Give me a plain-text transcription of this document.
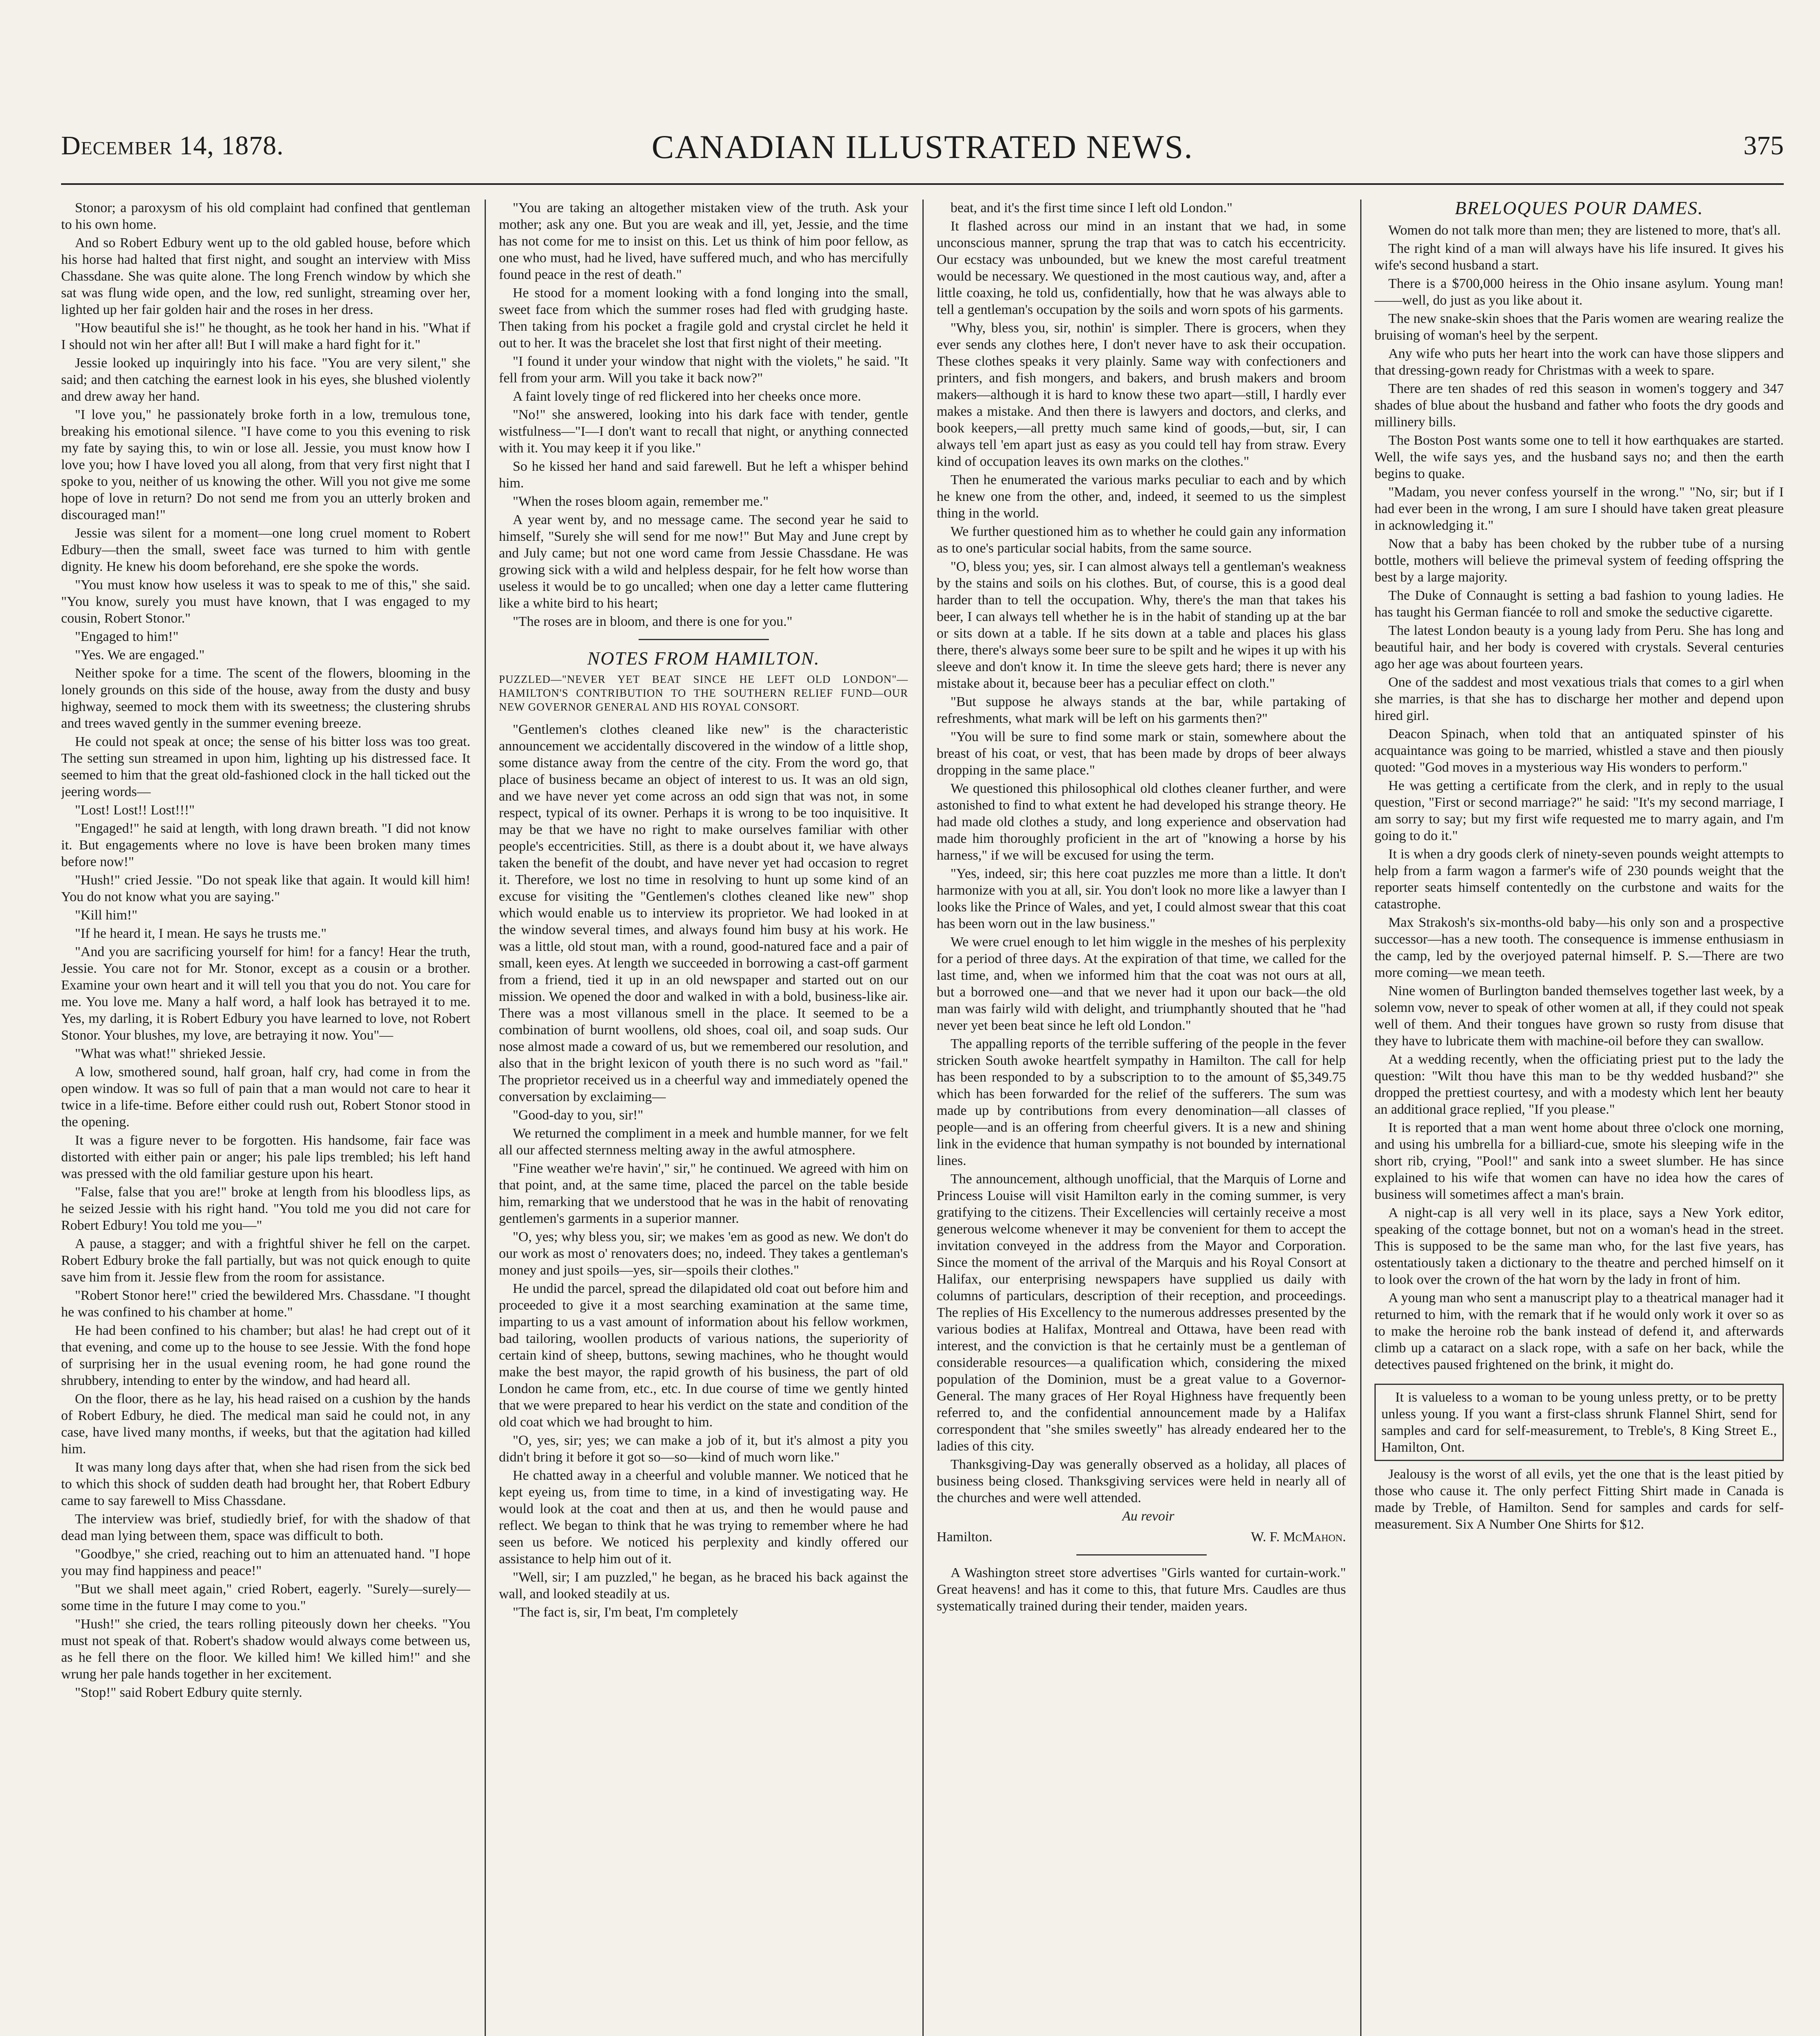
December 14, 1878.	CANADIAN ILLUSTRATED NEWS.	375

Stonor; a paroxysm of his old complaint had confined that gentleman to his own home.

And so Robert Edbury went up to the old gabled house, before which his horse had halted that first night, and sought an interview with Miss Chassdane. She was quite alone. The long French window by which she sat was flung wide open, and the low, red sunlight, streaming over her, lighted up her fair golden hair and the roses in her dress.

"How beautiful she is!" he thought, as he took her hand in his. "What if I should not win her after all! But I will make a hard fight for it."

Jessie looked up inquiringly into his face. "You are very silent," she said; and then catching the earnest look in his eyes, she blushed violently and drew away her hand.

"I love you," he passionately broke forth in a low, tremulous tone, breaking his emotional silence. "I have come to you this evening to risk my fate by saying this, to win or lose all. Jessie, you must know how I love you; how I have loved you all along, from that very first night that I spoke to you, neither of us knowing the other. Will you not give me some hope of love in return? Do not send me from you an utterly broken and discouraged man!"

Jessie was silent for a moment—one long cruel moment to Robert Edbury—then the small, sweet face was turned to him with gentle dignity. He knew his doom beforehand, ere she spoke the words.

"You must know how useless it was to speak to me of this," she said. "You know, surely you must have known, that I was engaged to my cousin, Robert Stonor."

"Engaged to him!"

"Yes. We are engaged."

Neither spoke for a time. The scent of the flowers, blooming in the lonely grounds on this side of the house, away from the dusty and busy highway, seemed to mock them with its sweetness; the clustering shrubs and trees waved gently in the summer evening breeze.

He could not speak at once; the sense of his bitter loss was too great. The setting sun streamed in upon him, lighting up his distressed face. It seemed to him that the great old-fashioned clock in the hall ticked out the jeering words—

"Lost! Lost!! Lost!!!"

"Engaged!" he said at length, with long drawn breath. "I did not know it. But engagements where no love is have been broken many times before now!"

"Hush!" cried Jessie. "Do not speak like that again. It would kill him! You do not know what you are saying."

"Kill him!"

"If he heard it, I mean. He says he trusts me."

"And you are sacrificing yourself for him! for a fancy! Hear the truth, Jessie. You care not for Mr. Stonor, except as a cousin or a brother. Examine your own heart and it will tell you that you do not. You care for me. You love me. Many a half word, a half look has betrayed it to me. Yes, my darling, it is Robert Edbury you have learned to love, not Robert Stonor. Your blushes, my love, are betraying it now. You"—

"What was what!" shrieked Jessie.

A low, smothered sound, half groan, half cry, had come in from the open window. It was so full of pain that a man would not care to hear it twice in a life-time. Before either could rush out, Robert Stonor stood in the opening.

It was a figure never to be forgotten. His handsome, fair face was distorted with either pain or anger; his pale lips trembled; his left hand was pressed with the old familiar gesture upon his heart.

"False, false that you are!" broke at length from his bloodless lips, as he seized Jessie with his right hand. "You told me you did not care for Robert Edbury! You told me you—"

A pause, a stagger; and with a frightful shiver he fell on the carpet. Robert Edbury broke the fall partially, but was not quick enough to quite save him from it. Jessie flew from the room for assistance.

"Robert Stonor here!" cried the bewildered Mrs. Chassdane. "I thought he was confined to his chamber at home."

He had been confined to his chamber; but alas! he had crept out of it that evening, and come up to the house to see Jessie. With the fond hope of surprising her in the usual evening room, he had gone round the shrubbery, intending to enter by the window, and had heard all.

On the floor, there as he lay, his head raised on a cushion by the hands of Robert Edbury, he died. The medical man said he could not, in any case, have lived many months, if weeks, but that the agitation had killed him.

It was many long days after that, when she had risen from the sick bed to which this shock of sudden death had brought her, that Robert Edbury came to say farewell to Miss Chassdane.

The interview was brief, studiedly brief, for with the shadow of that dead man lying between them, space was difficult to both.

"Goodbye," she cried, reaching out to him an attenuated hand. "I hope you may find happiness and peace!"

"But we shall meet again," cried Robert, eagerly. "Surely—surely—some time in the future I may come to you."

"Hush!" she cried, the tears rolling piteously down her cheeks. "You must not speak of that. Robert's shadow would always come between us, as he fell there on the floor. We killed him! We killed him!" and she wrung her pale hands together in her excitement.

"Stop!" said Robert Edbury quite sternly.

"You are taking an altogether mistaken view of the truth. Ask your mother; ask any one. But you are weak and ill, yet, Jessie, and the time has not come for me to insist on this. Let us think of him poor fellow, as one who must, had he lived, have suffered much, and who has mercifully found peace in the rest of death."

He stood for a moment looking with a fond longing into the small, sweet face from which the summer roses had fled with grudging haste. Then taking from his pocket a fragile gold and crystal circlet he held it out to her. It was the bracelet she lost that first night of their meeting.

"I found it under your window that night with the violets," he said. "It fell from your arm. Will you take it back now?"

A faint lovely tinge of red flickered into her cheeks once more.

"No!" she answered, looking into his dark face with tender, gentle wistfulness—"I—I don't want to recall that night, or anything connected with it. You may keep it if you like."

So he kissed her hand and said farewell. But he left a whisper behind him.

"When the roses bloom again, remember me."

A year went by, and no message came. The second year he said to himself, "Surely she will send for me now!" But May and June crept by and July came; but not one word came from Jessie Chassdane. He was growing sick with a wild and helpless despair, for he felt how worse than useless it would be to go uncalled; when one day a letter came fluttering like a white bird to his heart;

"The roses are in bloom, and there is one for you."

NOTES FROM HAMILTON.
PUZZLED—"NEVER YET BEAT SINCE HE LEFT OLD LONDON"—HAMILTON'S CONTRIBUTION TO THE SOUTHERN RELIEF FUND—OUR NEW GOVERNOR GENERAL AND HIS ROYAL CONSORT.

"Gentlemen's clothes cleaned like new" is the characteristic announcement we accidentally discovered in the window of a little shop, some distance away from the centre of the city. From the word go, that place of business became an object of interest to us. It was an old sign, and we have never yet come across an odd sign that was not, in some respect, typical of its owner. Perhaps it is wrong to be too inquisitive. It may be that we have no right to make ourselves familiar with other people's eccentricities. Still, as there is a doubt about it, we have always taken the benefit of the doubt, and have never yet had occasion to regret it. Therefore, we lost no time in resolving to hunt up some kind of an excuse for visiting the "Gentlemen's clothes cleaned like new" shop which would enable us to interview its proprietor. We had looked in at the window several times, and always found him busy at his work. He was a little, old stout man, with a round, good-natured face and a pair of small, keen eyes. At length we succeeded in borrowing a cast-off garment from a friend, tied it up in an old newspaper and started out on our mission. We opened the door and walked in with a bold, business-like air. There was a most villanous smell in the place. It seemed to be a combination of burnt woollens, old shoes, coal oil, and soap suds. Our nose almost made a coward of us, but we remembered our resolution, and also that in the bright lexicon of youth there is no such word as "fail." The proprietor received us in a cheerful way and immediately opened the conversation by exclaiming—

"Good-day to you, sir!"

We returned the compliment in a meek and humble manner, for we felt all our affected sternness melting away in the awful atmosphere.

"Fine weather we're havin'," sir," he continued. We agreed with him on that point, and, at the same time, placed the parcel on the table beside him, remarking that we understood that he was in the habit of renovating gentlemen's garments in a superior manner.

"O, yes; why bless you, sir; we makes 'em as good as new. We don't do our work as most o' renovaters does; no, indeed. They takes a gentleman's money and just spoils—yes, sir—spoils their clothes."

He undid the parcel, spread the dilapidated old coat out before him and proceeded to give it a most searching examination at the same time, imparting to us a vast amount of information about his fellow workmen, bad tailoring, woollen products of various nations, the superiority of certain kind of sheep, buttons, sewing machines, who he thought would make the best mayor, the rapid growth of his business, the part of old London he came from, etc., etc. In due course of time we gently hinted that we were prepared to hear his verdict on the state and condition of the old coat which we had brought to him.

"O, yes, sir; yes; we can make a job of it, but it's almost a pity you didn't bring it before it got so—so—kind of much worn like."

He chatted away in a cheerful and voluble manner. We noticed that he kept eyeing us, from time to time, in a kind of investigating way. He would look at the coat and then at us, and then he would pause and reflect. We began to think that he was trying to remember where he had seen us before. We noticed his perplexity and kindly offered our assistance to help him out of it.

"Well, sir; I am puzzled," he began, as he braced his back against the wall, and looked steadily at us.

"The fact is, sir, I'm beat, I'm completely

beat, and it's the first time since I left old London."

It flashed across our mind in an instant that we had, in some unconscious manner, sprung the trap that was to catch his eccentricity. Our ecstacy was unbounded, but we knew the most careful treatment would be necessary. We questioned in the most cautious way, and, after a little coaxing, he told us, confidentially, how that he was always able to tell a gentleman's occupation by the soils and worn spots of his garments.

"Why, bless you, sir, nothin' is simpler. There is grocers, when they ever sends any clothes here, I don't never have to ask their occupation. These clothes speaks it very plainly. Same way with confectioners and printers, and fish mongers, and bakers, and brush makers and broom makers—although it is hard to know these two apart—still, I hardly ever makes a mistake. And then there is lawyers and doctors, and clerks, and book keepers,—all pretty much same kind of goods,—but, sir, I can always tell 'em apart just as easy as you could tell hay from straw. Every kind of occupation leaves its own marks on the clothes."

Then he enumerated the various marks peculiar to each and by which he knew one from the other, and, indeed, it seemed to us the simplest thing in the world.

We further questioned him as to whether he could gain any information as to one's particular social habits, from the same source.

"O, bless you; yes, sir. I can almost always tell a gentleman's weakness by the stains and soils on his clothes. But, of course, this is a good deal harder than to tell the occupation. Why, there's the man that takes his beer, I can always tell whether he is in the habit of standing up at the bar or sits down at a table. If he sits down at a table and places his glass there, there's always some beer sure to be spilt and he wipes it up with his sleeve and don't know it. In time the sleeve gets hard; there is never any mistake about it, because beer has a peculiar effect on cloth."

"But suppose he always stands at the bar, while partaking of refreshments, what mark will be left on his garments then?"

"You will be sure to find some mark or stain, somewhere about the breast of his coat, or vest, that has been made by drops of beer always dropping in the same place."

We questioned this philosophical old clothes cleaner further, and were astonished to find to what extent he had developed his strange theory. He had made old clothes a study, and long experience and observation had made him thoroughly proficient in the art of "knowing a horse by his harness," if we will be excused for using the term.

"Yes, indeed, sir; this here coat puzzles me more than a little. It don't harmonize with you at all, sir. You don't look no more like a lawyer than I looks like the Prince of Wales, and yet, I could almost swear that this coat has been worn out in the law business."

We were cruel enough to let him wiggle in the meshes of his perplexity for a period of three days. At the expiration of that time, we called for the last time, and, when we informed him that the coat was not ours at all, but a borrowed one—and that we never had it upon our back—the old man was fairly wild with delight, and triumphantly shouted that he "had never yet been beat since he left old London."

The appalling reports of the terrible suffering of the people in the fever stricken South awoke heartfelt sympathy in Hamilton. The call for help has been responded to by a subscription to to the amount of $5,349.75 which has been forwarded for the relief of the sufferers. The sum was made up by contributions from every denomination—all classes of people—and is an offering from cheerful givers. It is a new and shining link in the evidence that human sympathy is not bounded by international lines.

The announcement, although unofficial, that the Marquis of Lorne and Princess Louise will visit Hamilton early in the coming summer, is very gratifying to the citizens. Their Excellencies will certainly receive a most generous welcome whenever it may be convenient for them to accept the invitation conveyed in the address from the Mayor and Corporation. Since the moment of the arrival of the Marquis and his Royal Consort at Halifax, our enterprising newspapers have supplied us daily with columns of particulars, description of their reception, and proceedings. The replies of His Excellency to the numerous addresses presented by the various bodies at Halifax, Montreal and Ottawa, have been read with interest, and the conviction is that he certainly must be a gentleman of considerable resources—a qualification which, considering the mixed population of the Dominion, must be a great value to a Governor-General. The many graces of Her Royal Highness have frequently been referred to, and the confidential announcement made by a Halifax correspondent that "she smiles sweetly" has already endeared her to the ladies of this city.

Thanksgiving-Day was generally observed as a holiday, all places of business being closed. Thanksgiving services were held in nearly all of the churches and were well attended.

Au revoir

Hamilton.	W. F. McMahon.

A Washington street store advertises "Girls wanted for curtain-work." Great heavens! and has it come to this, that future Mrs. Caudles are thus systematically trained during their tender, maiden years.

BRELOQUES POUR DAMES.

Women do not talk more than men; they are listened to more, that's all.

The right kind of a man will always have his life insured. It gives his wife's second husband a start.

There is a $700,000 heiress in the Ohio insane asylum. Young man!——well, do just as you like about it.

The new snake-skin shoes that the Paris women are wearing realize the bruising of woman's heel by the serpent.

Any wife who puts her heart into the work can have those slippers and that dressing-gown ready for Christmas with a week to spare.

There are ten shades of red this season in women's toggery and 347 shades of blue about the husband and father who foots the dry goods and millinery bills.

The Boston Post wants some one to tell it how earthquakes are started. Well, the wife says yes, and the husband says no; and then the earth begins to quake.

"Madam, you never confess yourself in the wrong." "No, sir; but if I had ever been in the wrong, I am sure I should have taken great pleasure in acknowledging it."

Now that a baby has been choked by the rubber tube of a nursing bottle, mothers will believe the primeval system of feeding offspring the best by a large majority.

The Duke of Connaught is setting a bad fashion to young ladies. He has taught his German fiancée to roll and smoke the seductive cigarette.

The latest London beauty is a young lady from Peru. She has long and beautiful hair, and her body is covered with crystals. Several centuries ago her age was about fourteen years.

One of the saddest and most vexatious trials that comes to a girl when she marries, is that she has to discharge her mother and depend upon hired girl.

Deacon Spinach, when told that an antiquated spinster of his acquaintance was going to be married, whistled a stave and then piously quoted: "God moves in a mysterious way His wonders to perform."

He was getting a certificate from the clerk, and in reply to the usual question, "First or second marriage?" he said: "It's my second marriage, I am sorry to say; but my first wife requested me to marry again, and I'm going to do it."

It is when a dry goods clerk of ninety-seven pounds weight attempts to help from a farm wagon a farmer's wife of 230 pounds weight that the reporter seats himself contentedly on the curbstone and waits for the catastrophe.

Max Strakosh's six-months-old baby—his only son and a prospective successor—has a new tooth. The consequence is immense enthusiasm in the camp, led by the overjoyed paternal himself. P. S.—There are two more coming—we mean teeth.

Nine women of Burlington banded themselves together last week, by a solemn vow, never to speak of other women at all, if they could not speak well of them. And their tongues have grown so rusty from disuse that they have to lubricate them with machine-oil before they can swallow.

At a wedding recently, when the officiating priest put to the lady the question: "Wilt thou have this man to be thy wedded husband?" she dropped the prettiest courtesy, and with a modesty which lent her beauty an additional grace replied, "If you please."

It is reported that a man went home about three o'clock one morning, and using his umbrella for a billiard-cue, smote his sleeping wife in the short rib, crying, "Pool!" and sank into a sweet slumber. He has since explained to his wife that women can have no idea how the cares of business will sometimes affect a man's brain.

A night-cap is all very well in its place, says a New York editor, speaking of the cottage bonnet, but not on a woman's head in the street. This is supposed to be the same man who, for the last five years, has ostentatiously taken a dictionary to the theatre and perched himself on it to look over the crown of the hat worn by the lady in front of him.

A young man who sent a manuscript play to a theatrical manager had it returned to him, with the remark that if he would only work it over so as to make the heroine rob the bank instead of defend it, and afterwards climb up a cataract on a slack rope, with a safe on her back, while the detectives paused frightened on the brink, it might do.

It is valueless to a woman to be young unless pretty, or to be pretty unless young. If you want a first-class shrunk Flannel Shirt, send for samples and card for self-measurement, to Treble's, 8 King Street E., Hamilton, Ont.

Jealousy is the worst of all evils, yet the one that is the least pitied by those who cause it. The only perfect Fitting Shirt made in Canada is made by Treble, of Hamilton. Send for samples and cards for self-measurement. Six A Number One Shirts for $12.
